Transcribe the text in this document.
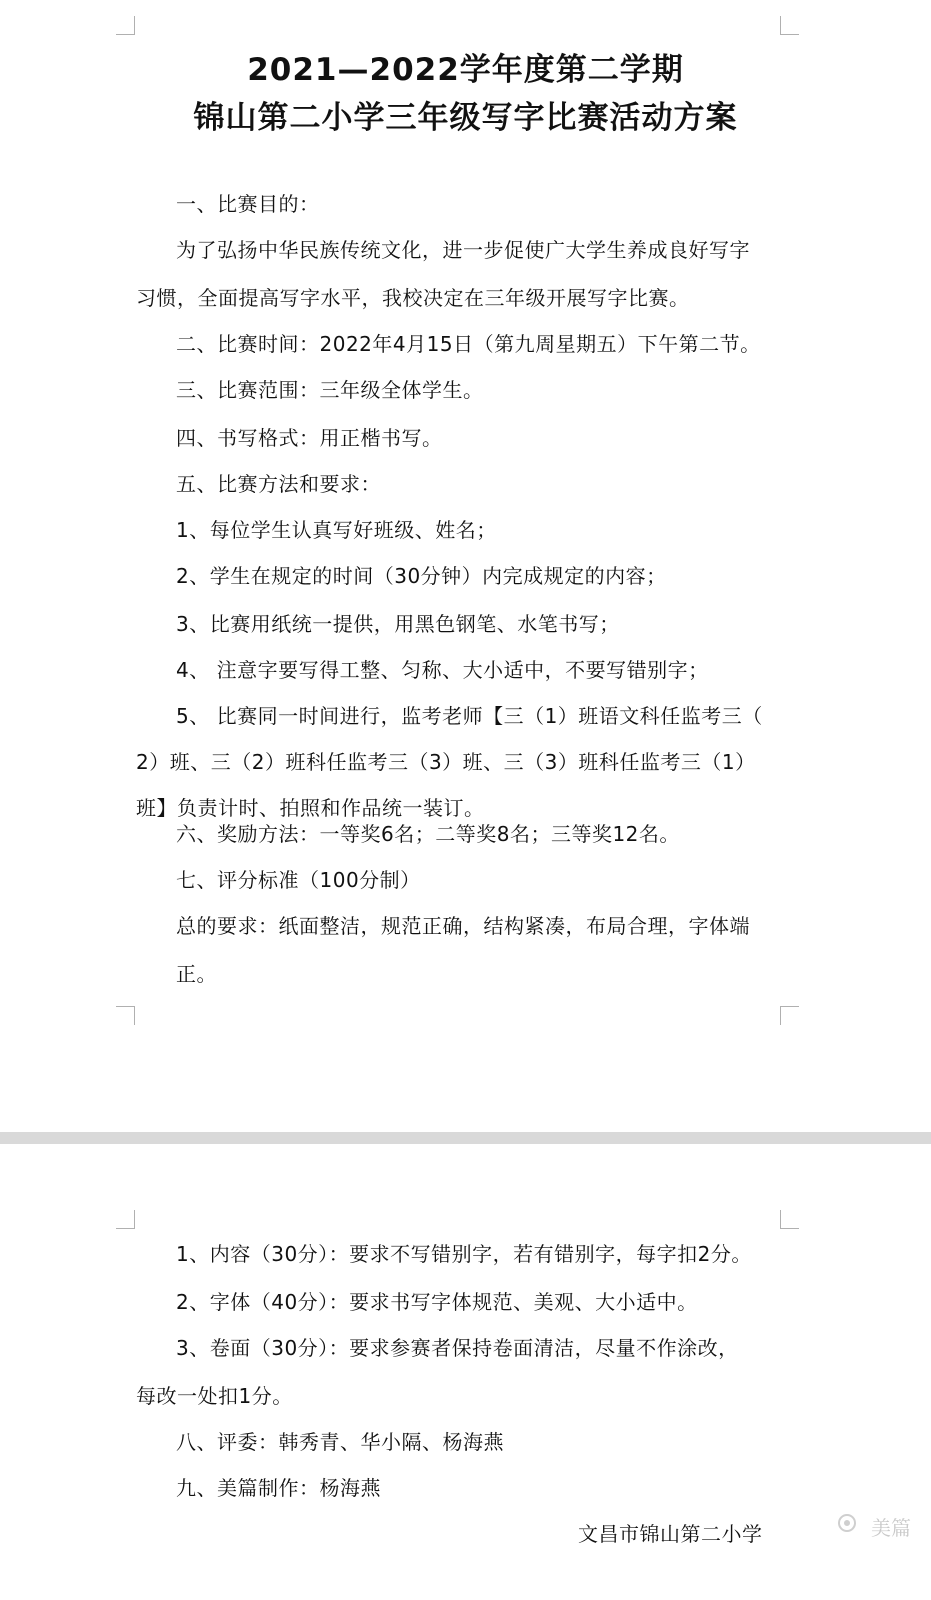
2021—2022学年度第二学期
锦山第二小学三年级写字比赛活动方案
一、比赛目的：
为了弘扬中华民族传统文化，进一步促使广大学生养成良好写字
习惯，全面提高写字水平，我校决定在三年级开展写字比赛。
二、比赛时间：2022年4月15日（第九周星期五）下午第二节。
三、比赛范围：三年级全体学生。
四、书写格式：用正楷书写。
五、比赛方法和要求：
1、每位学生认真写好班级、姓名；
2、学生在规定的时间（30分钟）内完成规定的内容；
3、比赛用纸统一提供，用黑色钢笔、水笔书写；
4、 注意字要写得工整、匀称、大小适中，不要写错别字；
5、 比赛同一时间进行，监考老师【三（1）班语文科任监考三（
2）班、三（2）班科任监考三（3）班、三（3）班科任监考三（1）
班】负责计时、拍照和作品统一装订。
六、奖励方法：一等奖6名；二等奖8名；三等奖12名。
七、评分标准（100分制）
总的要求：纸面整洁，规范正确，结构紧凑，布局合理，字体端
正。
1、内容（30分）：要求不写错别字，若有错别字，每字扣2分。
2、字体（40分）：要求书写字体规范、美观、大小适中。
3、卷面（30分）：要求参赛者保持卷面清洁，尽量不作涂改，
每改一处扣1分。
八、评委：韩秀青、华小隔、杨海燕
九、美篇制作：杨海燕
文昌市锦山第二小学	美篇
